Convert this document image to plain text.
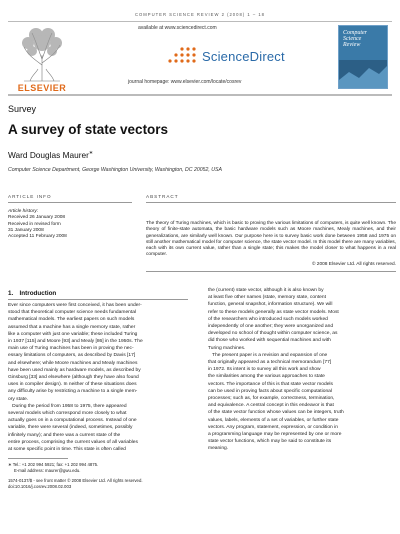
COMPUTER SCIENCE REVIEW 2 (2008) 1 – 18
ELSEVIER
available at www.sciencedirect.com
ScienceDirect
journal homepage: www.elsevier.com/locate/cosrev
Computer
Science
Review
Survey
A survey of state vectors
Ward Douglas Maurer∗
Computer Science Department, George Washington University, Washington, DC 20052, USA
ARTICLE INFO	ABSTRACT
Article history:
Received 26 January 2008
Received in revised form
31 January 2008
Accepted 11 February 2008
The theory of Turing machines, which is basic to proving the various limitations of computers, is quite well known. The theory of finite-state automata, the basic hardware models such as Moore machines, Mealy machines, and their generalizations, are similarly well known. Our purpose here is to survey basic work done between 1958 and 1975 on still another mathematical model for computer science, the state vector model. In this model there are many variables, each with its own current value, rather than a single state; this makes the model closer to what happens in a real computer.
© 2008 Elsevier Ltd. All rights reserved.
1. Introduction
Ever since computers were first conceived, it has been under-
stood that theoretical computer science needs fundamental
mathematical models. The earliest papers on such models
assumed that a machine has a single memory state, rather
like a computer with just one variable; these included Turing
in 1937 [115] and Moore [93] and Mealy [86] in the 1950s. The
main use of Turing machines has been in proving the nec-
essary limitations of computers, as described by Davis [17]
and elsewhere; while Moore machines and Mealy machines
have been used mainly as hardware models, as described by
Ginsburg [33] and elsewhere (although they have also found
uses in compiler design). In neither of these situations does
any difficulty arise by restricting a machine to a single mem-
ory state.
During the period from 1958 to 1975, there appeared
several models which correspond more closely to what
actually goes on in a computational process. Instead of one
variable, there were several (indeed, sometimes, possibly
infinitely many); and there was a current state of the
entire process, comprising the current values of all variables
at some specific point in time. This state is often called
the (current) state vector, although it is also known by
at least five other names (state, memory state, content
function, general snapshot, information structure). We will
refer to these models generally as state vector models. Most
of the researchers who introduced such models worked
independently of one another; they were unorganized and
developed no school of thought within computer science, as
did those who worked with sequential machines and with
Turing machines.
The present paper is a revision and expansion of one
that originally appeared as a technical memorandum [77]
in 1972. Its intent is to survey all this work and show
the similarities among the various approaches to state
vectors. The importance of this is that state vector models
can be used in proving facts about specific computational
processes; such as, for example, correctness, termination,
and equivalence. A central concept in this endeavor is that
of the state vector function whose values can be integers, truth
values, labels, elements of a set of variables, or further state
vectors. Any program, statement, expression, or condition in
a programming language may be represented by one or more
state vector functions, which may be said to constitute its
meaning.
∗ Tel.: +1 202 994 5921; fax: +1 202 994 4875.
E-mail address: maurer@gwu.edu.
1574-0137/$ - see front matter © 2008 Elsevier Ltd. All rights reserved.
doi:10.1016/j.cosrev.2008.02.003
